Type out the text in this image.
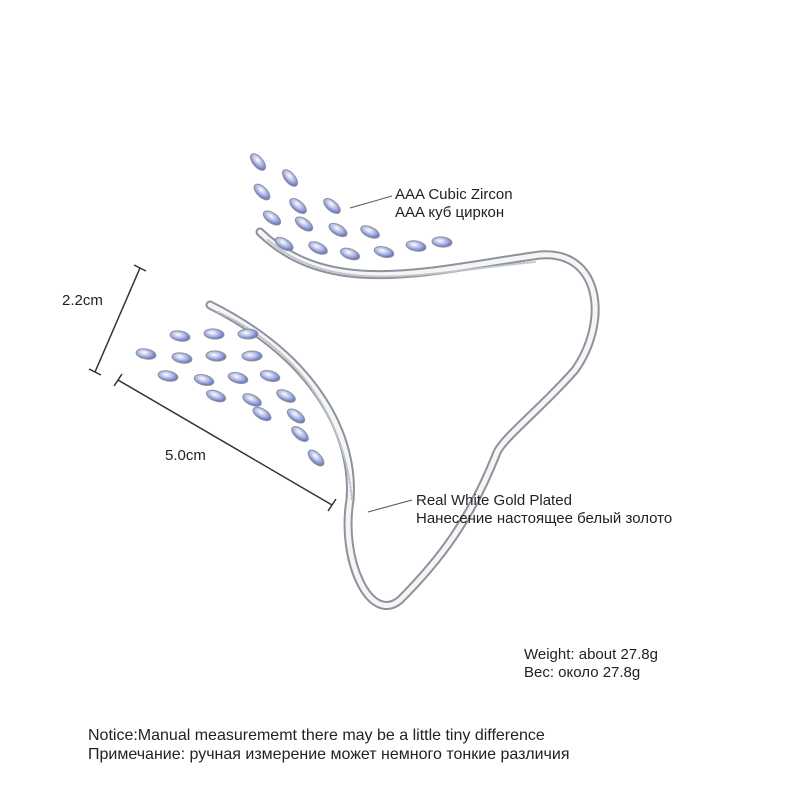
AAA Cubic Zircon
AAA куб циркон
Real White Gold Plated
Нанесение настоящее белый золото
2.2cm
5.0cm
Weight: about 27.8g
Вес: около 27.8g
Notice:Manual measurememt there may be a little tiny difference
Примечание: ручная измерение может немного тонкие различия
